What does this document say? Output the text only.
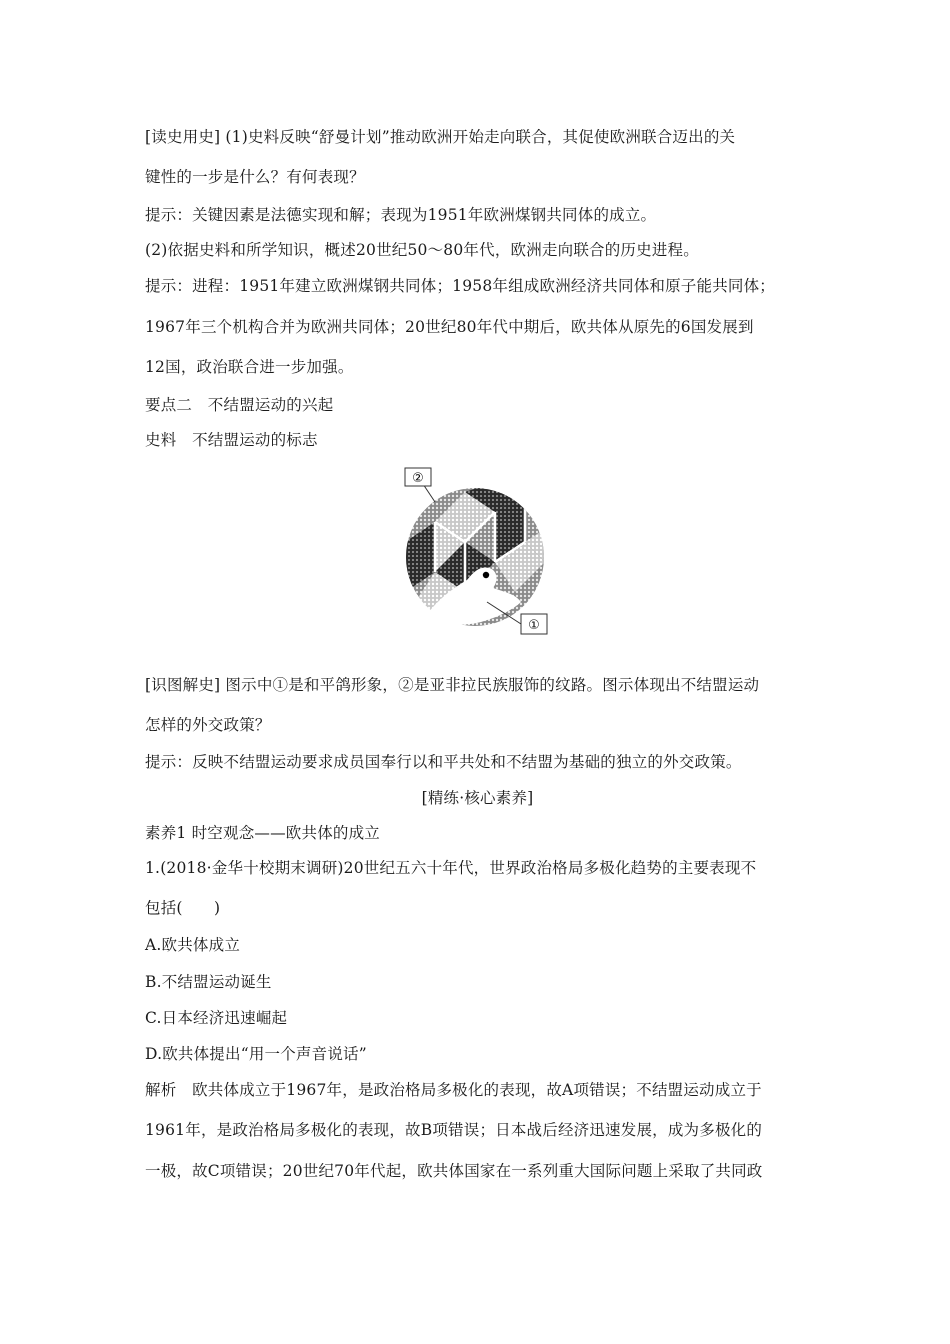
[读史用史] (1)史料反映“舒曼计划”推动欧洲开始走向联合，其促使欧洲联合迈出的关
键性的一步是什么？有何表现？
提示：关键因素是法德实现和解；表现为1951年欧洲煤钢共同体的成立。
(2)依据史料和所学知识，概述20世纪50～80年代，欧洲走向联合的历史进程。
提示：进程：1951年建立欧洲煤钢共同体；1958年组成欧洲经济共同体和原子能共同体；
1967年三个机构合并为欧洲共同体；20世纪80年代中期后，欧共体从原先的6国发展到
12国，政治联合进一步加强。
要点二　不结盟运动的兴起
史料　不结盟运动的标志
②
①
[识图解史] 图示中①是和平鸽形象，②是亚非拉民族服饰的纹路。图示体现出不结盟运动
怎样的外交政策？
提示：反映不结盟运动要求成员国奉行以和平共处和不结盟为基础的独立的外交政策。
[精练·核心素养]
素养1 时空观念——欧共体的成立
1.(2018·金华十校期末调研)20世纪五六十年代，世界政治格局多极化趋势的主要表现不
包括(　　)
A.欧共体成立
B.不结盟运动诞生
C.日本经济迅速崛起
D.欧共体提出“用一个声音说话”
解析　欧共体成立于1967年，是政治格局多极化的表现，故A项错误；不结盟运动成立于
1961年，是政治格局多极化的表现，故B项错误；日本战后经济迅速发展，成为多极化的
一极，故C项错误；20世纪70年代起，欧共体国家在一系列重大国际问题上采取了共同政
